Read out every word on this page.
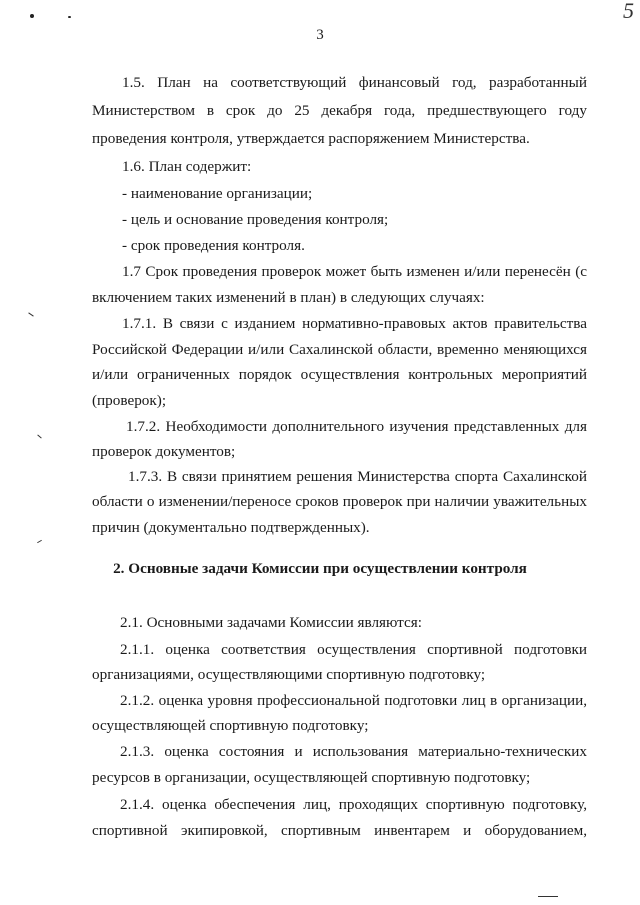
3
5
1.5. План на соответствующий финансовый год, разработанный
Министерством в срок до 25 декабря года, предшествующего году
проведения контроля, утверждается распоряжением Министерства.
1.6. План содержит:
- наименование организации;
- цель и основание проведения контроля;
- срок проведения контроля.
1.7 Срок проведения проверок может быть изменен и/или перенесён (с
включением таких изменений в план) в следующих случаях:
1.7.1. В связи с изданием нормативно-правовых актов правительства
Российской Федерации и/или Сахалинской области, временно меняющихся
и/или ограниченных порядок осуществления контрольных мероприятий
(проверок);
1.7.2. Необходимости дополнительного изучения представленных для
проверок документов;
1.7.3. В связи принятием решения Министерства спорта Сахалинской
области о изменении/переносе сроков проверок при наличии уважительных
причин (документально подтвержденных).
2. Основные задачи Комиссии при осуществлении контроля
2.1. Основными задачами Комиссии являются:
2.1.1. оценка соответствия осуществления спортивной подготовки
организациями, осуществляющими спортивную подготовку;
2.1.2. оценка уровня профессиональной подготовки лиц в организации,
осуществляющей спортивную подготовку;
2.1.3. оценка состояния и использования материально-технических
ресурсов в организации, осуществляющей спортивную подготовку;
2.1.4. оценка обеспечения лиц, проходящих спортивную подготовку,
спортивной экипировкой, спортивным инвентарем и оборудованием,
